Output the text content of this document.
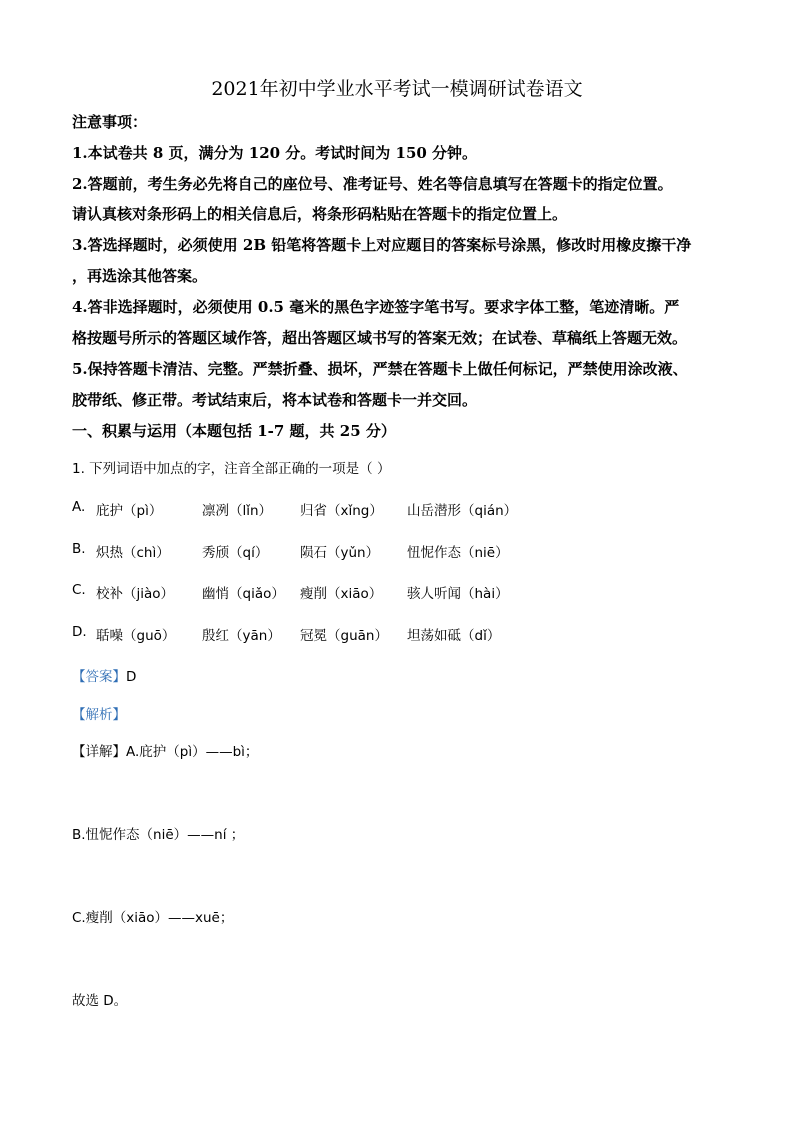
2021年初中学业水平考试一模调研试卷语文
注意事项：
1.本试卷共 8 页，满分为 120 分。考试时间为 150 分钟。
2.答题前，考生务必先将自己的座位号、准考证号、姓名等信息填写在答题卡的指定位置。
请认真核对条形码上的相关信息后，将条形码粘贴在答题卡的指定位置上。
3.答选择题时，必须使用 2B 铅笔将答题卡上对应题目的答案标号涂黑，修改时用橡皮擦干净
，再选涂其他答案。
4.答非选择题时，必须使用 0.5 毫米的黑色字迹签字笔书写。要求字体工整，笔迹清晰。严
格按题号所示的答题区域作答，超出答题区域书写的答案无效；在试卷、草稿纸上答题无效。
5.保持答题卡清洁、完整。严禁折叠、损坏，严禁在答题卡上做任何标记，严禁使用涂改液、
胶带纸、修正带。考试结束后，将本试卷和答题卡一并交回。
一、积累与运用（本题包括 1-7 题，共 25 分）
1. 下列词语中加点的字，注音全部正确的一项是（ ）
A. 庇护（pì）	凛冽（lǐn） 归省（xǐng） 山岳潜形（qián）
B. 炽热（chì） 秀颀（qí） 陨石（yǔn） 忸怩作态（niē）
C. 校补（jiào） 幽悄（qiǎo） 瘦削（xiāo） 骇人听闻（hài）
D. 聒噪（guō） 殷红（yān） 冠冕（guān） 坦荡如砥（dǐ）
【答案】D
【解析】
【详解】A.庇护（pì）——bì；
B.忸怩作态（niē）——ní ；
C.瘦削（xiāo）——xuē；
故选 D。
